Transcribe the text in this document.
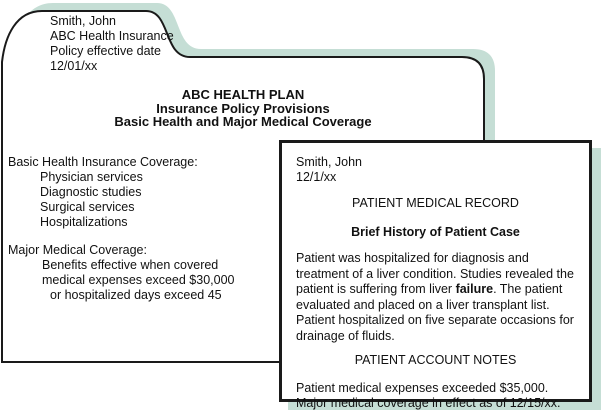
Smith, John
ABC Health Insurance
Policy effective date
12/01/xx
ABC HEALTH PLAN
Insurance Policy Provisions
Basic Health and Major Medical Coverage
Basic Health Insurance Coverage:
Physician services
Diagnostic studies
Surgical services
Hospitalizations
Major Medical Coverage:
Benefits effective when covered
medical expenses exceed $30,000
or hospitalized days exceed 45
Smith, John
12/1/xx
PATIENT MEDICAL RECORD
Brief History of Patient Case

Patient was hospitalized for diagnosis and treatment of a liver condition. Studies revealed the patient is suffering from liver failure. The patient evaluated and placed on a liver transplant list. Patient hospitalized on five separate occasions for drainage of fluids.

PATIENT ACCOUNT NOTES

Patient medical expenses exceeded $35,000. Major medical coverage in effect as of 12/15/xx.
